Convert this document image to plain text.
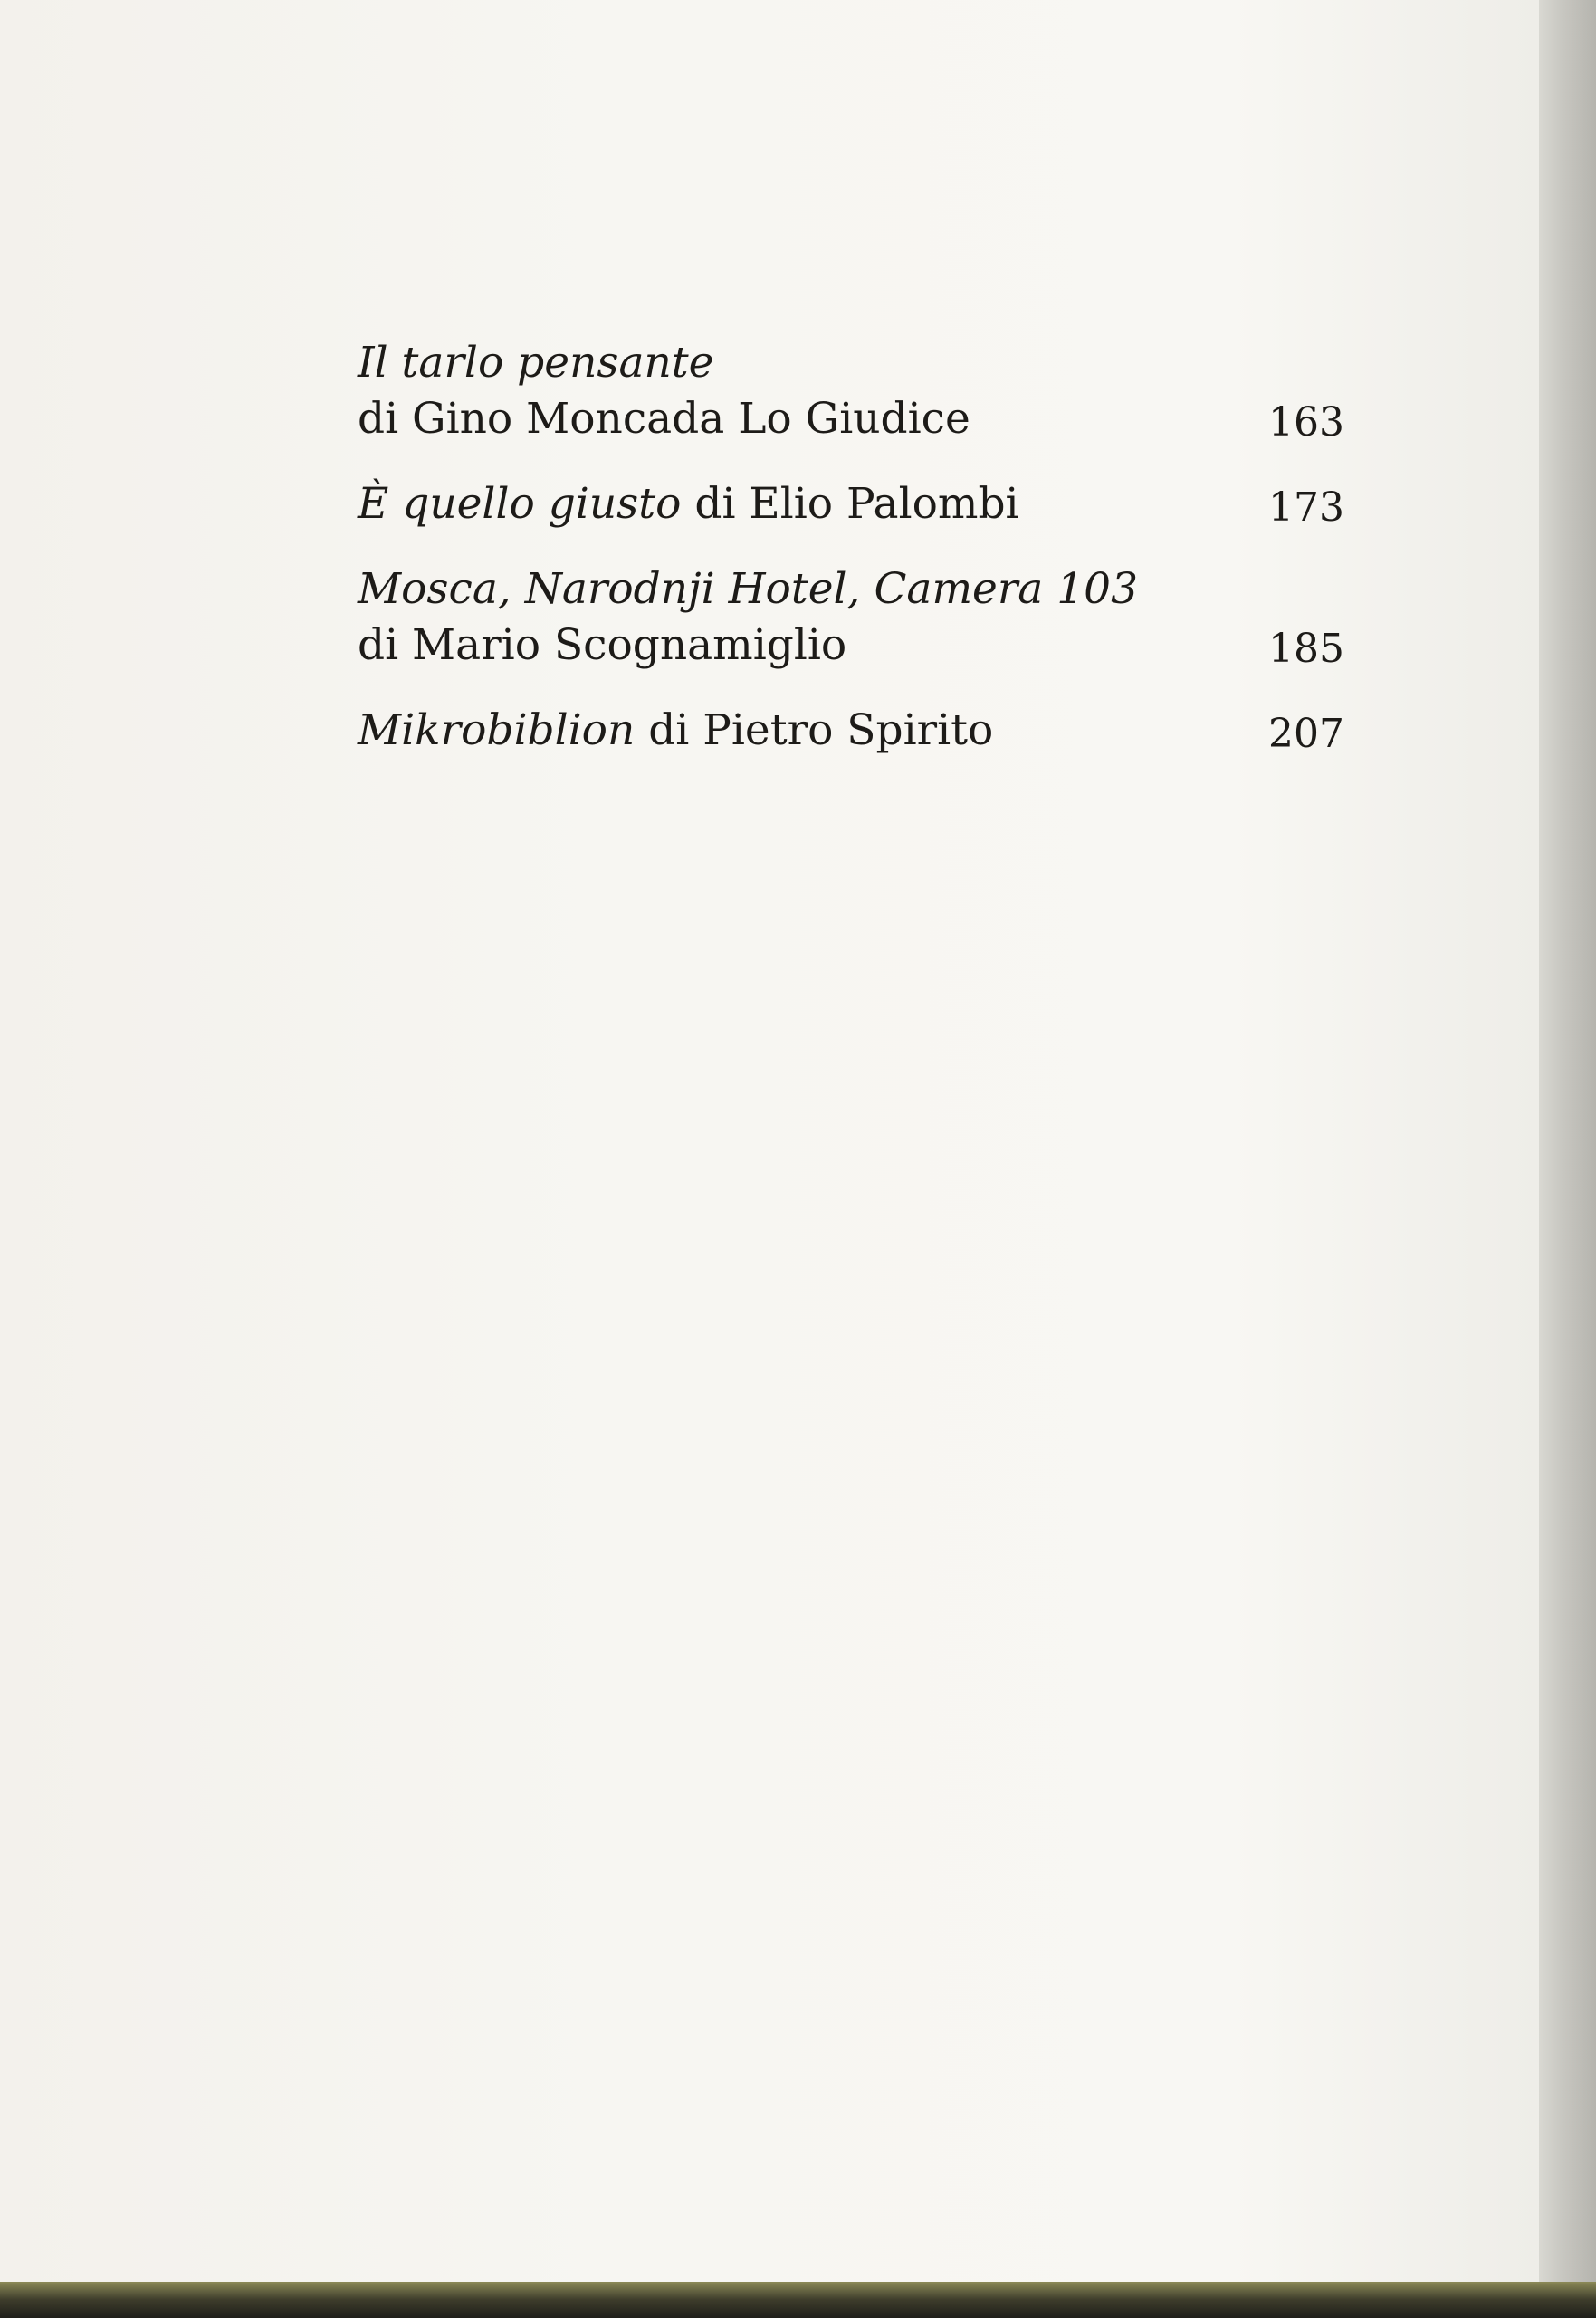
Il tarlo pensante
di Gino Moncada Lo Giudice	163
È quello giusto di Elio Palombi	173
Mosca, Narodnji Hotel, Camera 103
di Mario Scognamiglio	185
Mikrobiblion di Pietro Spirito	207
